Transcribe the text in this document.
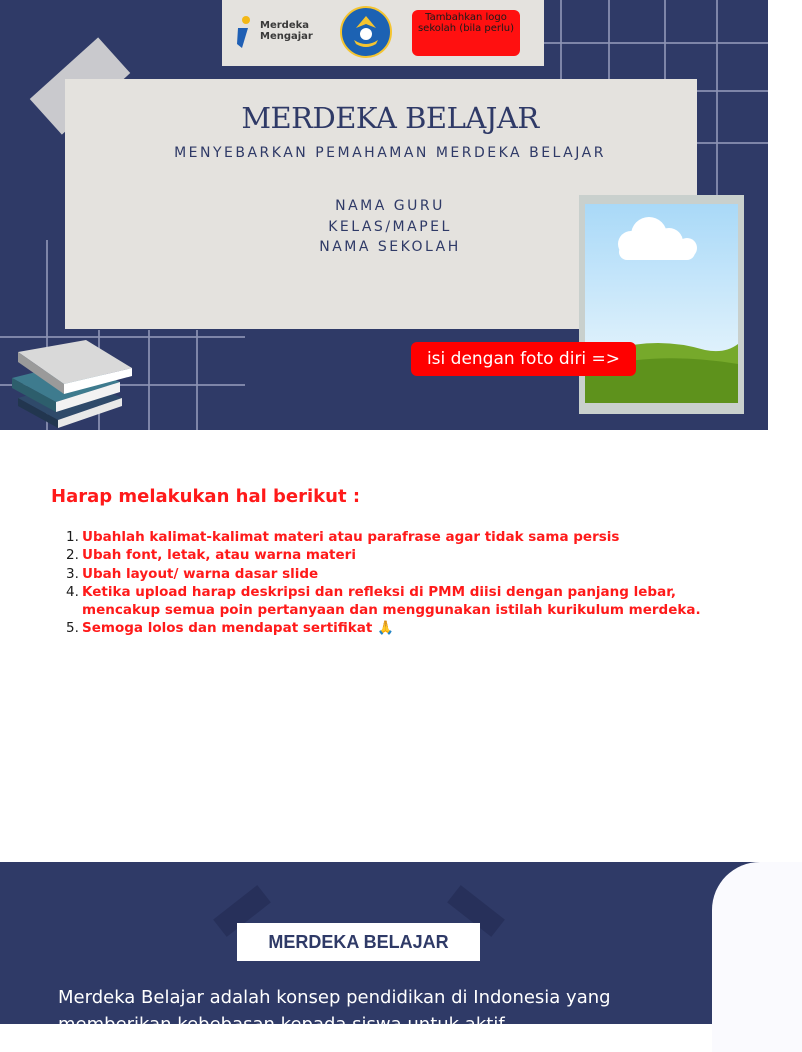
Merdeka
Mengajar
Tambahkan logo sekolah (bila perlu)
MERDEKA BELAJAR
MENYEBARKAN PEMAHAMAN MERDEKA BELAJAR
NAMA GURU
KELAS/MAPEL
NAMA SEKOLAH
isi dengan foto diri =>
Harap melakukan hal berikut :
1. Ubahlah kalimat-kalimat materi atau parafrase agar tidak sama persis
2. Ubah font, letak, atau warna materi
3. Ubah layout/ warna dasar slide
4. Ketika upload harap deskripsi dan refleksi di PMM diisi dengan panjang lebar, mencakup semua poin pertanyaan dan menggunakan istilah kurikulum merdeka.
5. Semoga lolos dan mendapat sertifikat 🙏
MERDEKA BELAJAR
Merdeka Belajar adalah konsep pendidikan di Indonesia yang memberikan kebebasan kepada siswa untuk aktif
